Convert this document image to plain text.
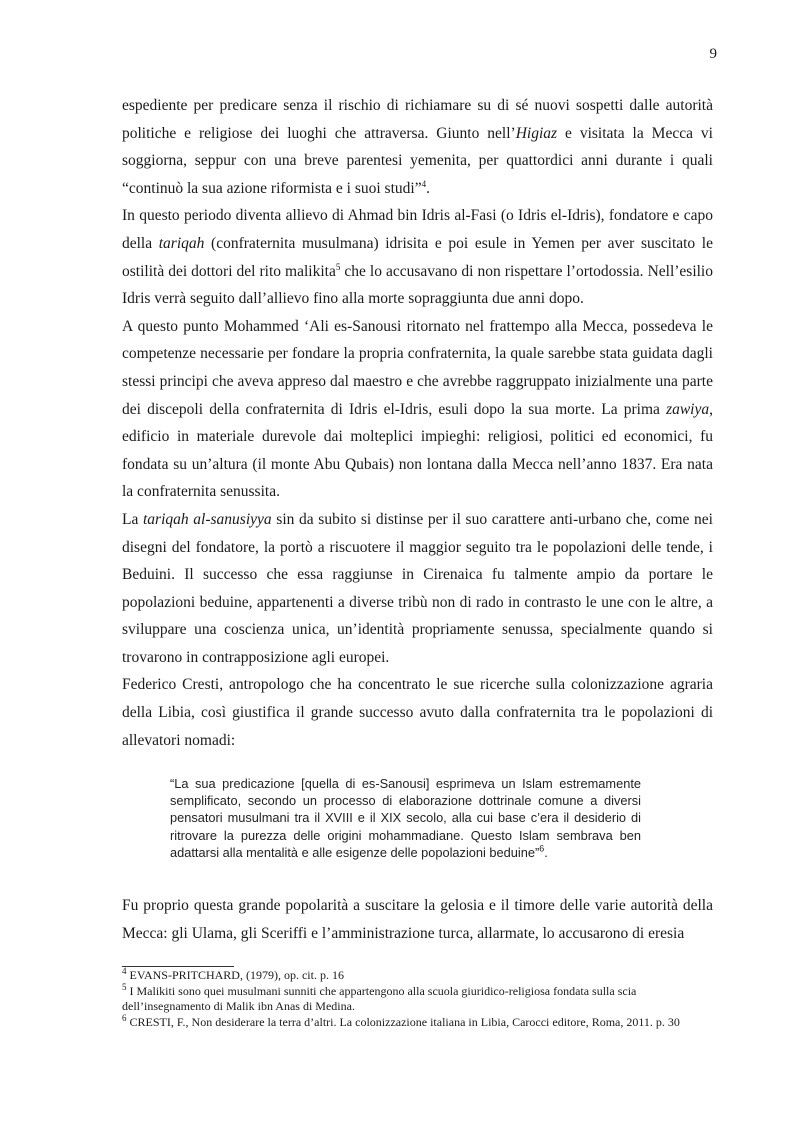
9

espediente per predicare senza il rischio di richiamare su di sé nuovi sospetti dalle autorità politiche e religiose dei luoghi che attraversa. Giunto nell’Higiaz e visitata la Mecca vi soggiorna, seppur con una breve parentesi yemenita, per quattordici anni durante i quali “continuò la sua azione riformista e i suoi studi”$^4$.

In questo periodo diventa allievo di Ahmad bin Idris al-Fasi (o Idris el-Idris), fondatore e capo della tariqah (confraternita musulmana) idrisita e poi esule in Yemen per aver suscitato le ostilità dei dottori del rito malikita$^5$ che lo accusavano di non rispettare l’ortodossia. Nell’esilio Idris verrà seguito dall’allievo fino alla morte sopraggiunta due anni dopo.

A questo punto Mohammed ‘Ali es-Sanousi ritornato nel frattempo alla Mecca, possedeva le competenze necessarie per fondare la propria confraternita, la quale sarebbe stata guidata dagli stessi principi che aveva appreso dal maestro e che avrebbe raggruppato inizialmente una parte dei discepoli della confraternita di Idris el-Idris, esuli dopo la sua morte. La prima zawiya, edificio in materiale durevole dai molteplici impieghi: religiosi, politici ed economici, fu fondata su un’altura (il monte Abu Qubais) non lontana dalla Mecca nell’anno 1837. Era nata la confraternita senussita.

La tariqah al-sanusiyya sin da subito si distinse per il suo carattere anti-urbano che, come nei disegni del fondatore, la portò a riscuotere il maggior seguito tra le popolazioni delle tende, i Beduini. Il successo che essa raggiunse in Cirenaica fu talmente ampio da portare le popolazioni beduine, appartenenti a diverse tribù non di rado in contrasto le une con le altre, a sviluppare una coscienza unica, un’identità propriamente senussa, specialmente quando si trovarono in contrapposizione agli europei.

Federico Cresti, antropologo che ha concentrato le sue ricerche sulla colonizzazione agraria della Libia, così giustifica il grande successo avuto dalla confraternita tra le popolazioni di allevatori nomadi:

“La sua predicazione [quella di es-Sanousi] esprimeva un Islam estremamente semplificato, secondo un processo di elaborazione dottrinale comune a diversi pensatori musulmani tra il XVIII e il XIX secolo, alla cui base c’era il desiderio di ritrovare la purezza delle origini mohammadiane. Questo Islam sembrava ben adattarsi alla mentalità e alle esigenze delle popolazioni beduine”$^6$.

Fu proprio questa grande popolarità a suscitare la gelosia e il timore delle varie autorità della Mecca: gli Ulama, gli Sceriffi e l’amministrazione turca, allarmate, lo accusarono di eresia

$^4$ EVANS-PRITCHARD, (1979), op. cit. p. 16

$^5$ I Malikiti sono quei musulmani sunniti che appartengono alla scuola giuridico-religiosa fondata sulla scia dell’insegnamento di Malik ibn Anas di Medina.

$^6$ CRESTI, F., Non desiderare la terra d’altri. La colonizzazione italiana in Libia, Carocci editore, Roma, 2011. p. 30
